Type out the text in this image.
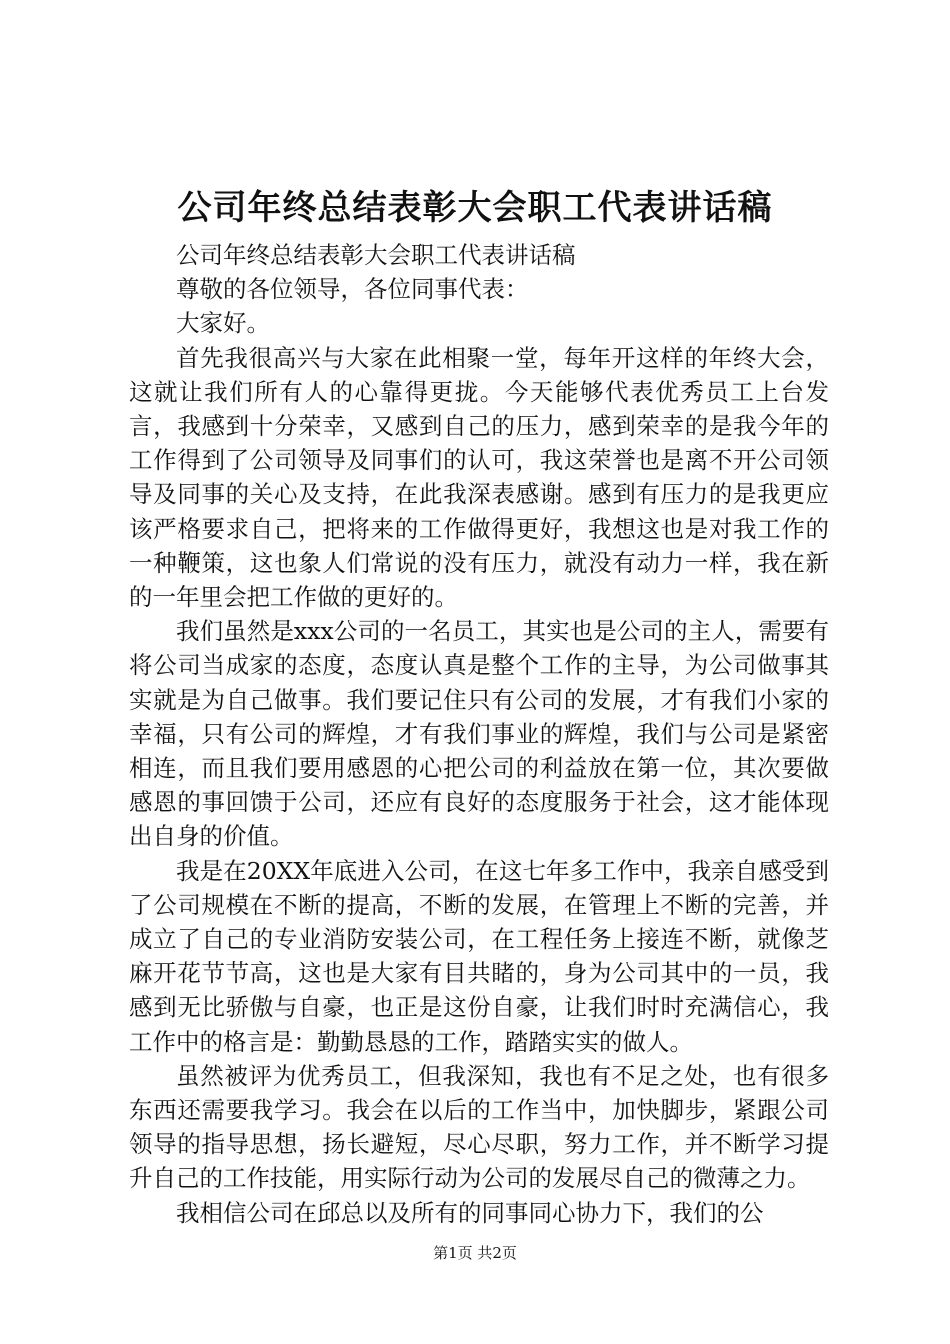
公司年终总结表彰大会职工代表讲话稿

公司年终总结表彰大会职工代表讲话稿

尊敬的各位领导，各位同事代表：

大家好。

首先我很高兴与大家在此相聚一堂，每年开这样的年终大会，这就让我们所有人的心靠得更拢。今天能够代表优秀员工上台发言，我感到十分荣幸，又感到自己的压力，感到荣幸的是我今年的工作得到了公司领导及同事们的认可，我这荣誉也是离不开公司领导及同事的关心及支持，在此我深表感谢。感到有压力的是我更应该严格要求自己，把将来的工作做得更好，我想这也是对我工作的一种鞭策，这也象人们常说的没有压力，就没有动力一样，我在新的一年里会把工作做的更好的。

我们虽然是xxx公司的一名员工，其实也是公司的主人，需要有将公司当成家的态度，态度认真是整个工作的主导，为公司做事其实就是为自己做事。我们要记住只有公司的发展，才有我们小家的幸福，只有公司的辉煌，才有我们事业的辉煌，我们与公司是紧密相连，而且我们要用感恩的心把公司的利益放在第一位，其次要做感恩的事回馈于公司，还应有良好的态度服务于社会，这才能体现出自身的价值。

我是在20XX年底进入公司，在这七年多工作中，我亲自感受到了公司规模在不断的提高，不断的发展，在管理上不断的完善，并成立了自己的专业消防安装公司，在工程任务上接连不断，就像芝麻开花节节高，这也是大家有目共睹的，身为公司其中的一员，我感到无比骄傲与自豪，也正是这份自豪，让我们时时充满信心，我工作中的格言是：勤勤恳恳的工作，踏踏实实的做人。

虽然被评为优秀员工，但我深知，我也有不足之处，也有很多东西还需要我学习。我会在以后的工作当中，加快脚步，紧跟公司领导的指导思想，扬长避短，尽心尽职，努力工作，并不断学习提升自己的工作技能，用实际行动为公司的发展尽自己的微薄之力。

我相信公司在邱总以及所有的同事同心协力下，我们的公

第1页 共2页
